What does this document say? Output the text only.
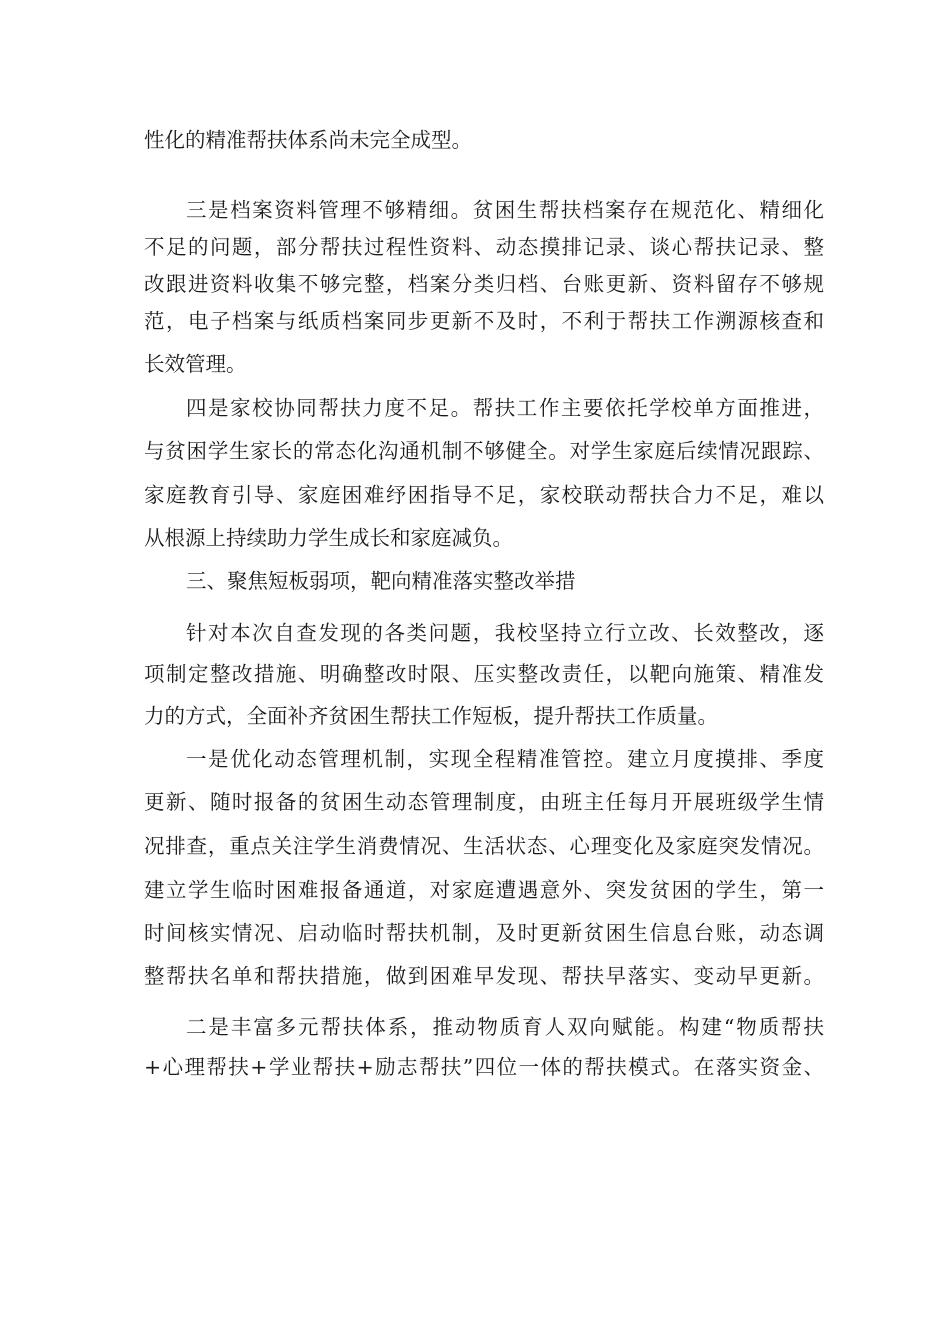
性化的精准帮扶体系尚未完全成型。
三是档案资料管理不够精细。贫困生帮扶档案存在规范化、精细化
不足的问题，部分帮扶过程性资料、动态摸排记录、谈心帮扶记录、整
改跟进资料收集不够完整，档案分类归档、台账更新、资料留存不够规
范，电子档案与纸质档案同步更新不及时，不利于帮扶工作溯源核查和
长效管理。
四是家校协同帮扶力度不足。帮扶工作主要依托学校单方面推进，
与贫困学生家长的常态化沟通机制不够健全。对学生家庭后续情况跟踪、
家庭教育引导、家庭困难纾困指导不足，家校联动帮扶合力不足，难以
从根源上持续助力学生成长和家庭减负。
三、聚焦短板弱项，靶向精准落实整改举措
针对本次自查发现的各类问题，我校坚持立行立改、长效整改，逐
项制定整改措施、明确整改时限、压实整改责任，以靶向施策、精准发
力的方式，全面补齐贫困生帮扶工作短板，提升帮扶工作质量。
一是优化动态管理机制，实现全程精准管控。建立月度摸排、季度
更新、随时报备的贫困生动态管理制度，由班主任每月开展班级学生情
况排查，重点关注学生消费情况、生活状态、心理变化及家庭突发情况。
建立学生临时困难报备通道，对家庭遭遇意外、突发贫困的学生，第一
时间核实情况、启动临时帮扶机制，及时更新贫困生信息台账，动态调
整帮扶名单和帮扶措施，做到困难早发现、帮扶早落实、变动早更新。
二是丰富多元帮扶体系，推动物质育人双向赋能。构建“物质帮扶
+心理帮扶+学业帮扶+励志帮扶”四位一体的帮扶模式。在落实资金、
